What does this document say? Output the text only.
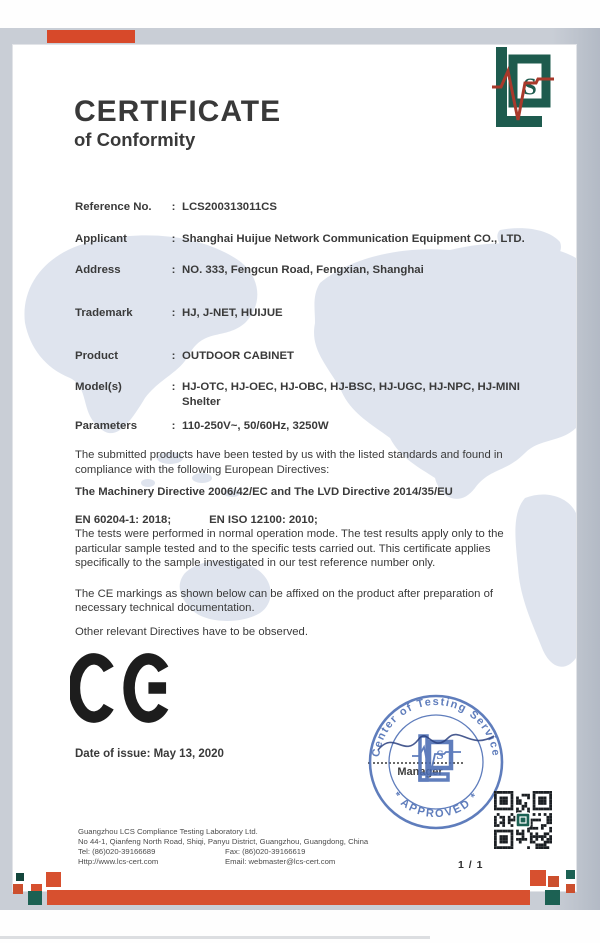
CERTIFICATE
of Conformity
S
Reference No.	: LCS200313011CS
Applicant	: Shanghai Huijue Network Communication Equipment CO., LTD.
Address	: NO. 333, Fengcun Road, Fengxian, Shanghai
Trademark	: HJ, J-NET, HUIJUE
Product	: OUTDOOR CABINET
Model(s)	: HJ-OTC, HJ-OEC, HJ-OBC, HJ-BSC, HJ-UGC, HJ-NPC, HJ-MINI Shelter
Parameters	: 110-250V~, 50/60Hz, 3250W

The submitted products have been tested by us with the listed standards and found in compliance with the following European Directives:

The Machinery Directive 2006/42/EC and The LVD Directive 2014/35/EU

EN 60204-1: 2018;	EN ISO 12100: 2010;

The tests were performed in normal operation mode. The test results apply only to the particular sample tested and to the specific tests carried out. This certificate applies specifically to the sample investigated in our test reference number only.

The CE markings as shown below can be affixed on the product after preparation of necessary technical documentation.

Other relevant Directives have to be observed.

Date of issue: May 13, 2020
Manager
Center of Testing Service
* APPROVED *
S
Guangzhou LCS Compliance Testing Laboratory Ltd.
No 44-1, Qianfeng North Road, Shiqi, Panyu District, Guangzhou, Guangdong, China
Tel: (86)020-39166689	Fax: (86)020-39166619
Http://www.lcs-cert.com	Email: webmaster@lcs-cert.com	1 / 1
